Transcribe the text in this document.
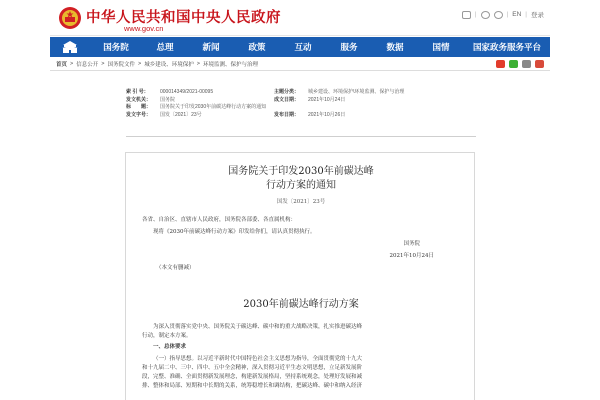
中华人民共和国中央人民政府
www.gov.cn
|	| EN | 登录
国务院	总理	新闻	政策	互动	服务	数据	国情	国家政务服务平台
首页 > 信息公开 > 国务院文件 > 城乡建设、环境保护 > 环境监测、保护与治理
索 引 号：	000014349/2021-00095	主题分类：	城乡建设、环境保护\环境监测、保护与治理
发文机关：	国务院	成文日期：	2021年10月24日
标　　题：	国务院关于印发2030年前碳达峰行动方案的通知
发文字号：	国发〔2021〕23号	发布日期：	2021年10月26日
国务院关于印发2030年前碳达峰
行动方案的通知
国发〔2021〕23号
各省、自治区、直辖市人民政府，国务院各部委、各直属机构：
现将《2030年前碳达峰行动方案》印发给你们，请认真贯彻执行。
国务院
2021年10月24日
（本文有删减）
2030年前碳达峰行动方案
为深入贯彻落实党中央、国务院关于碳达峰、碳中和的重大战略决策，扎实推进碳达峰
行动，制定本方案。
一、总体要求
（一）指导思想。以习近平新时代中国特色社会主义思想为指导，全面贯彻党的十九大
和十九届二中、三中、四中、五中全会精神，深入贯彻习近平生态文明思想，立足新发展阶
段，完整、准确、全面贯彻新发展理念，构建新发展格局，坚持系统观念，处理好发展和减
排、整体和局部、短期和中长期的关系，统筹稳增长和调结构，把碳达峰、碳中和纳入经济
